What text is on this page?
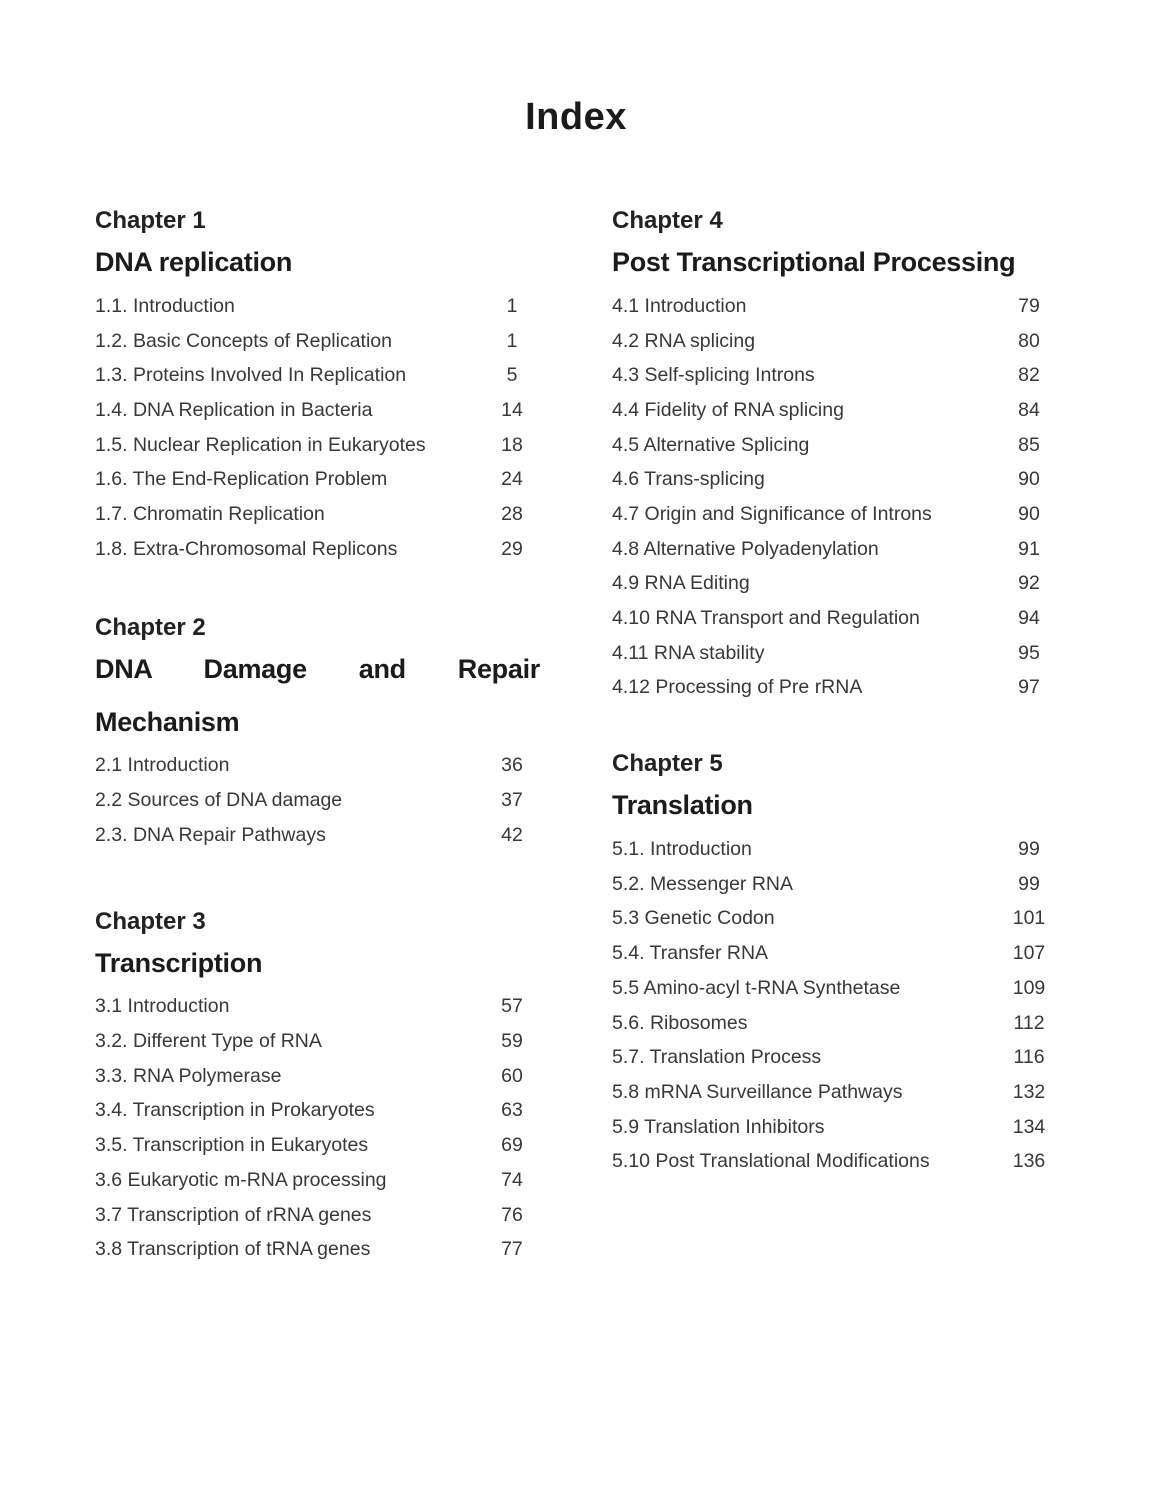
Index
Chapter 1
DNA replication
1.1. Introduction	1
1.2. Basic Concepts of Replication	1
1.3. Proteins Involved In Replication	5
1.4. DNA Replication in Bacteria	14
1.5. Nuclear Replication in Eukaryotes	18
1.6. The End-Replication Problem	24
1.7. Chromatin Replication	28
1.8. Extra-Chromosomal Replicons	29
Chapter 2
DNA Damage and Repair Mechanism
2.1 Introduction	36
2.2 Sources of DNA damage	37
2.3. DNA Repair Pathways	42
Chapter 3
Transcription
3.1 Introduction	57
3.2. Different Type of RNA	59
3.3. RNA Polymerase	60
3.4. Transcription in Prokaryotes	63
3.5. Transcription in Eukaryotes	69
3.6 Eukaryotic m-RNA processing	74
3.7 Transcription of rRNA genes	76
3.8 Transcription of tRNA genes	77
Chapter 4
Post Transcriptional Processing
4.1 Introduction	79
4.2 RNA splicing	80
4.3 Self-splicing Introns	82
4.4 Fidelity of RNA splicing	84
4.5 Alternative Splicing	85
4.6 Trans-splicing	90
4.7 Origin and Significance of Introns	90
4.8 Alternative Polyadenylation	91
4.9 RNA Editing	92
4.10 RNA Transport and Regulation	94
4.11 RNA stability	95
4.12 Processing of Pre rRNA	97
Chapter 5
Translation
5.1. Introduction	99
5.2. Messenger RNA	99
5.3 Genetic Codon	101
5.4. Transfer RNA	107
5.5 Amino-acyl t-RNA Synthetase	109
5.6. Ribosomes	112
5.7. Translation Process	116
5.8 mRNA Surveillance Pathways	132
5.9 Translation Inhibitors	134
5.10 Post Translational Modifications	136
